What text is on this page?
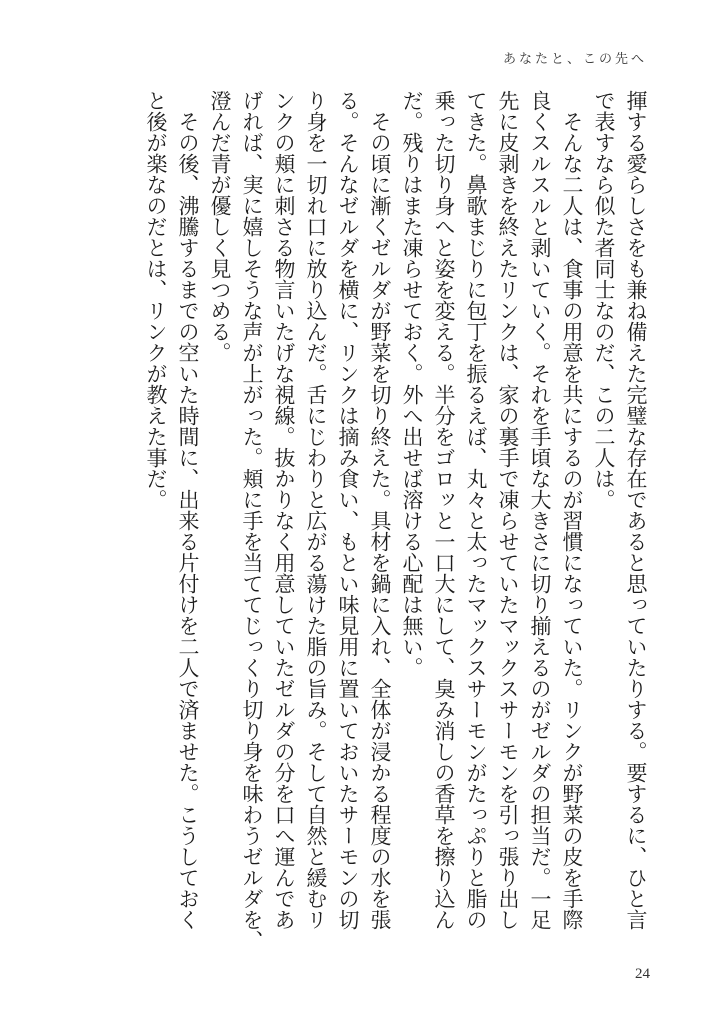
あなたと、この先へ
揮する愛らしさをも兼ね備えた完璧な存在であると思っていたりする。要するに、ひと言
で表すなら似た者同士なのだ、この二人は。
　そんな二人は、食事の用意を共にするのが習慣になっていた。リンクが野菜の皮を手際
良くスルスルと剥いていく。それを手頃な大きさに切り揃えるのがゼルダの担当だ。一足
先に皮剥きを終えたリンクは、家の裏手で凍らせていたマックスサーモンを引っ張り出し
てきた。鼻歌まじりに包丁を振るえば、丸々と太ったマックスサーモンがたっぷりと脂の
乗った切り身へと姿を変える。半分をゴロッと一口大にして、臭み消しの香草を擦り込ん
だ。残りはまた凍らせておく。外へ出せば溶ける心配は無い。
　その頃に漸くゼルダが野菜を切り終えた。具材を鍋に入れ、全体が浸かる程度の水を張
る。そんなゼルダを横に、リンクは摘み食い、もとい味見用に置いておいたサーモンの切
り身を一切れ口に放り込んだ。舌にじわりと広がる蕩けた脂の旨み。そして自然と緩むリ
ンクの頬に刺さる物言いたげな視線。抜かりなく用意していたゼルダの分を口へ運んであ
げれば、実に嬉しそうな声が上がった。頬に手を当ててじっくり切り身を味わうゼルダを、
澄んだ青が優しく見つめる。
　その後、沸騰するまでの空いた時間に、出来る片付けを二人で済ませた。こうしておく
と後が楽なのだとは、リンクが教えた事だ。
24
